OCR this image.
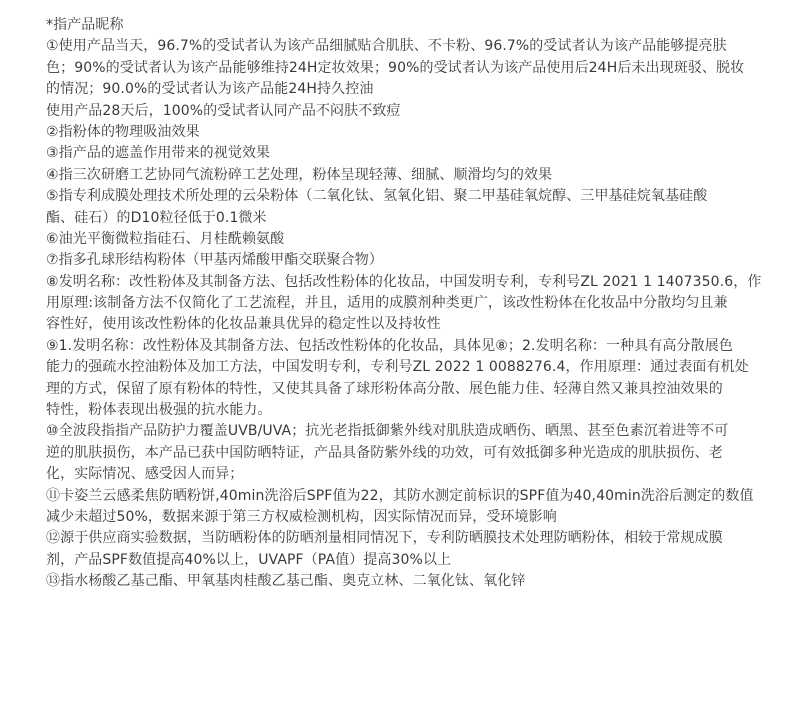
*指产品昵称
①使用产品当天，96.7%的受试者认为该产品细腻贴合肌肤、不卡粉、96.7%的受试者认为该产品能够提亮肤
色；90%的受试者认为该产品能够维持24H定妆效果；90%的受试者认为该产品使用后24H后未出现斑驳、脱妆
的情况；90.0%的受试者认为该产品能24H持久控油
使用产品28天后，100%的受试者认同产品不闷肤不致痘
②指粉体的物理吸油效果
③指产品的遮盖作用带来的视觉效果
④指三次研磨工艺协同气流粉碎工艺处理，粉体呈现轻薄、细腻、顺滑均匀的效果
⑤指专利成膜处理技术所处理的云朵粉体（二氧化钛、氢氧化铝、聚二甲基硅氧烷醇、三甲基硅烷氧基硅酸
酯、硅石）的D10粒径低于0.1微米
⑥油光平衡微粒指硅石、月桂酰赖氨酸
⑦指多孔球形结构粉体（甲基丙烯酸甲酯交联聚合物）
⑧发明名称：改性粉体及其制备方法、包括改性粉体的化妆品，中国发明专利，专利号ZL 2021 1 1407350.6，作
用原理:该制备方法不仅简化了工艺流程，并且，适用的成膜剂种类更广，该改性粉体在化妆品中分散均匀且兼
容性好，使用该改性粉体的化妆品兼具优异的稳定性以及持妆性
⑨1.发明名称：改性粉体及其制备方法、包括改性粉体的化妆品，具体见⑧；2.发明名称：一种具有高分散展色
能力的强疏水控油粉体及加工方法，中国发明专利，专利号ZL 2022 1 0088276.4，作用原理：通过表面有机处
理的方式，保留了原有粉体的特性，又使其具备了球形粉体高分散、展色能力佳、轻薄自然又兼具控油效果的
特性，粉体表现出极强的抗水能力。
⑩全波段指指产品防护力覆盖UVB/UVA；抗光老指抵御紫外线对肌肤造成晒伤、晒黑、甚至色素沉着进等不可
逆的肌肤损伤，本产品已获中国防晒特证，产品具备防紫外线的功效，可有效抵御多种光造成的肌肤损伤、老
化，实际情况、感受因人而异；
⑪卡姿兰云感柔焦防晒粉饼,40min洗浴后SPF值为22，其防水测定前标识的SPF值为40,40min洗浴后测定的数值
减少未超过50%，数据来源于第三方权威检测机构，因实际情况而异，受环境影响
⑫源于供应商实验数据，当防晒粉体的防晒剂量相同情况下，专利防晒膜技术处理防晒粉体，相较于常规成膜
剂，产品SPF数值提高40%以上，UVAPF（PA值）提高30%以上
⑬指水杨酸乙基己酯、甲氧基肉桂酸乙基己酯、奥克立林、二氧化钛、氧化锌
